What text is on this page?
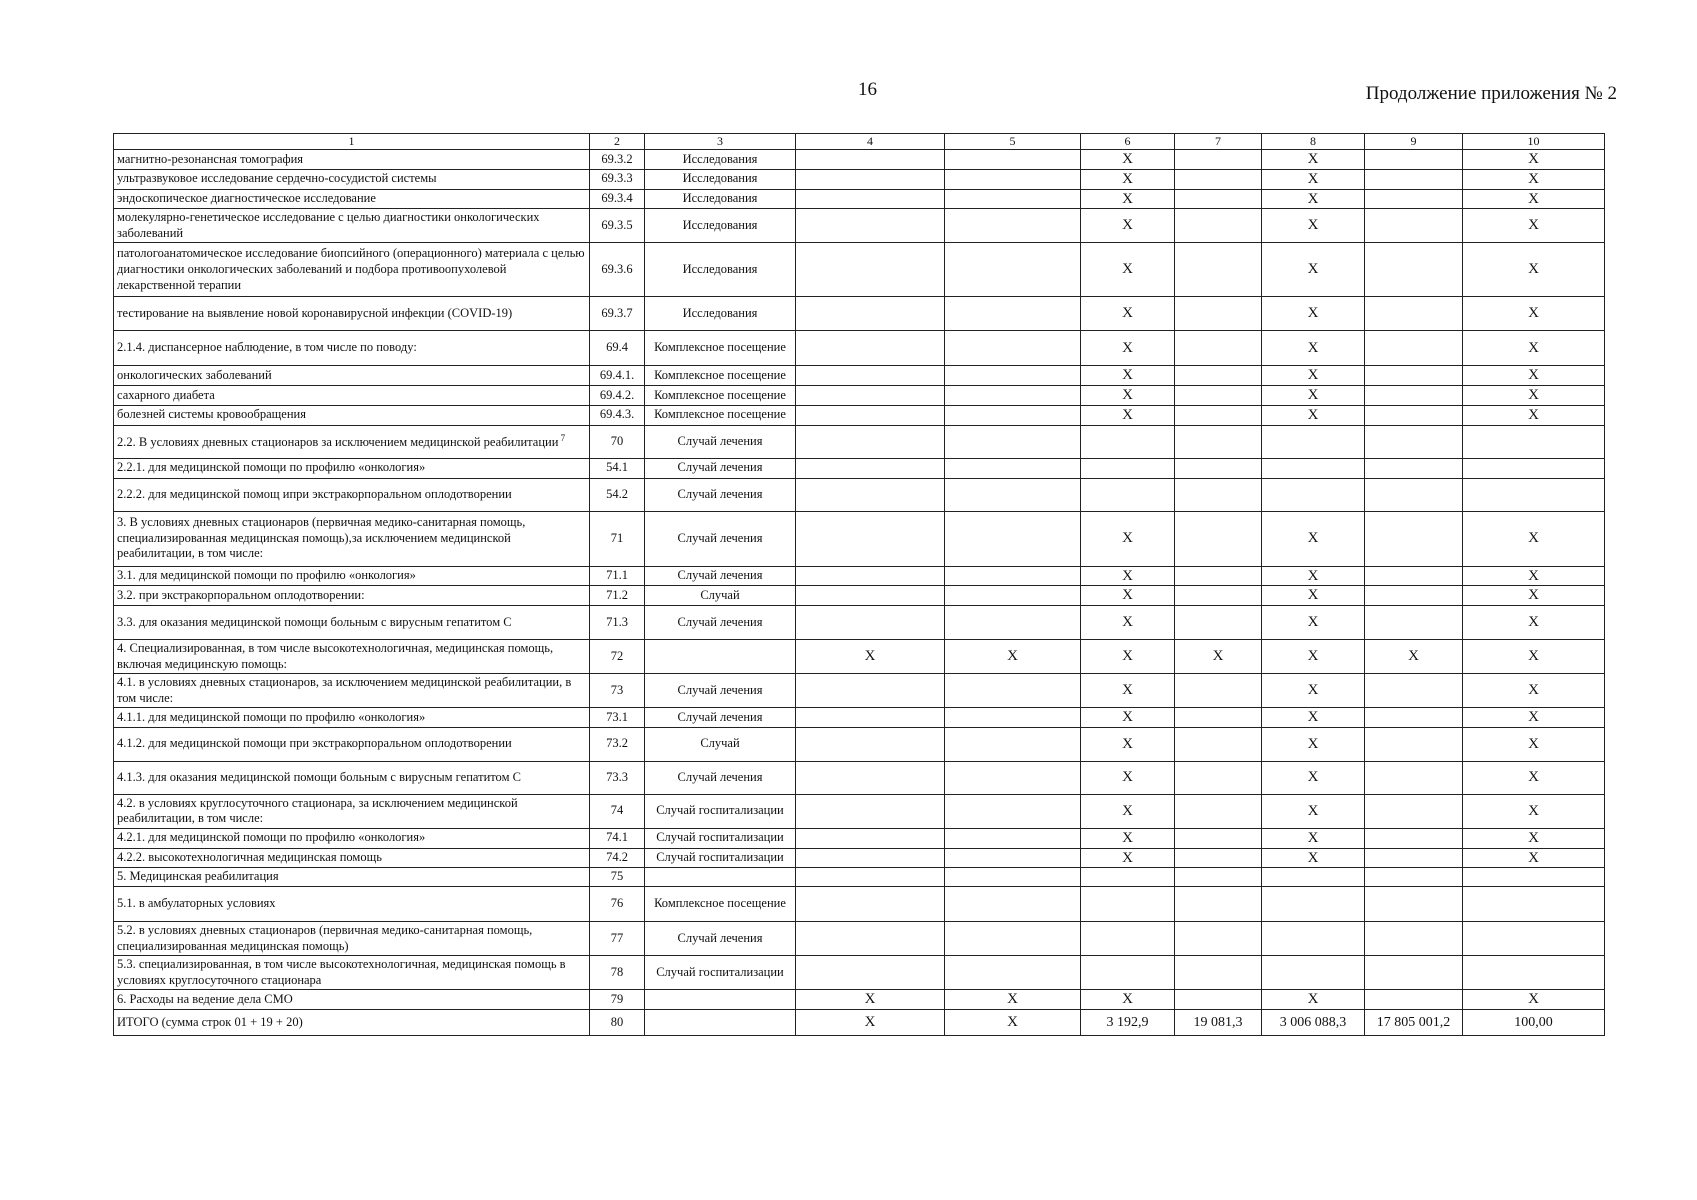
16	Продолжение приложения № 2
1	2	3	4	5	6	7	8	9	10
магнитно-резонансная томография	69.3.2	Исследования			X		X		X
ультразвуковое исследование сердечно-сосудистой системы	69.3.3	Исследования			X		X		X
эндоскопическое диагностическое исследование	69.3.4	Исследования			X		X		X
молекулярно-генетическое исследование с целью диагностики онкологических заболеваний	69.3.5	Исследования			X		X		X
патологоанатомическое исследование биопсийного (операционного) материала с целью диагностики онкологических заболеваний и подбора противоопухолевой лекарственной терапии	69.3.6	Исследования			X		X		X
тестирование на выявление новой коронавирусной инфекции (COVID-19)	69.3.7	Исследования			X		X		X
2.1.4. диспансерное наблюдение, в том числе по поводу:	69.4	Комплексное посещение			X		X		X
онкологических заболеваний	69.4.1.	Комплексное посещение			X		X		X
сахарного диабета	69.4.2.	Комплексное посещение			X		X		X
болезней системы кровообращения	69.4.3.	Комплексное посещение			X		X		X
2.2. В условиях дневных стационаров за исключением медицинской реабилитации $^7$	70	Случай лечения							
2.2.1. для медицинской помощи по профилю «онкология»	54.1	Случай лечения							
2.2.2. для медицинской помощ ипри экстракорпоральном оплодотворении	54.2	Случай лечения							
3. В условиях дневных стационаров (первичная медико-санитарная помощь, специализированная медицинская помощь),за исключением медицинской реабилитации, в том числе:	71	Случай лечения			X		X		X
3.1. для медицинской помощи по профилю «онкология»	71.1	Случай лечения			X		X		X
3.2. при экстракорпоральном оплодотворении:	71.2	Случай			X		X		X
3.3. для оказания медицинской помощи больным с вирусным гепатитом С	71.3	Случай лечения			X		X		X
4. Специализированная, в том числе высокотехнологичная, медицинская помощь, включая медицинскую помощь:	72		X	X	X	X	X	X	X
4.1. в условиях дневных стационаров, за исключением медицинской реабилитации, в том числе:	73	Случай лечения			X		X		X
4.1.1. для медицинской помощи по профилю «онкология»	73.1	Случай лечения			X		X		X
4.1.2. для медицинской помощи при экстракорпоральном оплодотворении	73.2	Случай			X		X		X
4.1.3. для оказания медицинской помощи больным с вирусным гепатитом С	73.3	Случай лечения			X		X		X
4.2. в условиях круглосуточного стационара, за исключением медицинской реабилитации, в том числе:	74	Случай госпитализации			X		X		X
4.2.1. для медицинской помощи по профилю «онкология»	74.1	Случай госпитализации			X		X		X
4.2.2. высокотехнологичная медицинская помощь	74.2	Случай госпитализации			X		X		X
5. Медицинская реабилитация	75								
5.1. в амбулаторных условиях	76	Комплексное посещение							
5.2. в условиях дневных стационаров (первичная медико-санитарная помощь, специализированная медицинская помощь)	77	Случай лечения							
5.3. специализированная, в том числе высокотехнологичная, медицинская помощь в условиях круглосуточного стационара	78	Случай госпитализации							
6. Расходы на ведение дела СМО	79		X	X	X		X		X
ИТОГО (сумма строк 01 + 19 + 20)	80		X	X	3 192,9	19 081,3	3 006 088,3	17 805 001,2	100,00
